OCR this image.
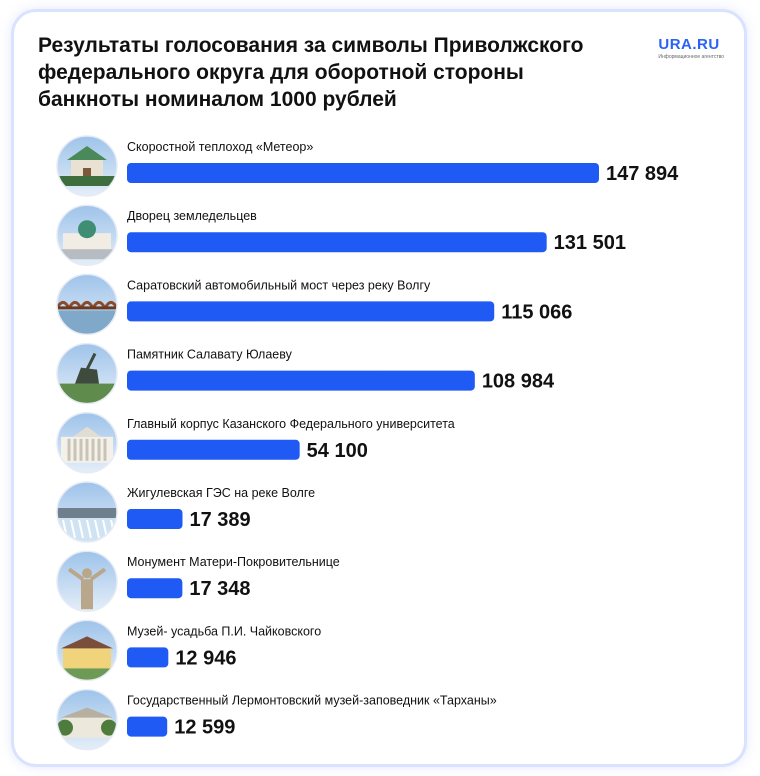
Результаты голосования за символы Приволжского федерального округа для оборотной стороны банкноты номиналом 1000 рублей
URA.RU
Информационное агентство
Скоростной теплоход «Метеор»
147 894
Дворец земледельцев
131 501
Саратовский автомобильный мост через реку Волгу
115 066
Памятник Салавату Юлаеву
108 984
Главный корпус Казанского Федерального университета
54 100
Жигулевская ГЭС на реке Волге
17 389
Монумент Матери-Покровительнице
17 348
Музей- усадьба П.И. Чайковского
12 946
Государственный Лермонтовский музей-заповедник «Тарханы»
12 599
